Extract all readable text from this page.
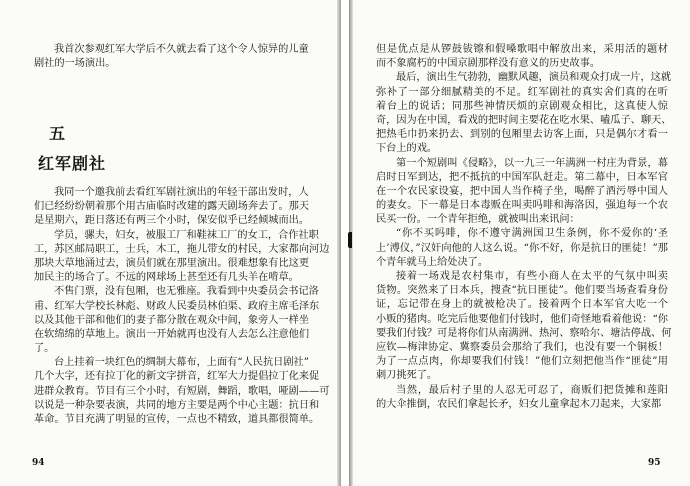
我首次参观红军大学后不久就去看了这个令人惊异的儿童
剧社的一场演出。
五
红军剧社
我同一个邀我前去看红军剧社演出的年轻干部出发时，人
们已经纷纷朝着那个用古庙临时改建的露天剧场奔去了。那天
是星期六，距日落还有两三个小时，保安似乎已经倾城而出。
学员，骡夫，妇女，被服工厂和鞋袜工厂的女工，合作社职
工，苏区邮局职工，士兵，木工，拖儿带女的村民，大家都向河边
那块大草地涌过去，演员们就在那里演出。很难想象有比这更
加民主的场合了。不远的网球场上甚至还有几头羊在啃草。
不售门票，没有包厢，也无雅座。我看到中央委员会书记洛
甫、红军大学校长林彪、财政人民委员林伯渠、政府主席毛泽东
以及其他干部和他们的妻子都分散在观众中间，象旁人一样坐
在软绵绵的草地上。演出一开始就再也没有人去怎么注意他们
了。
台上挂着一块红色的绸制大幕布，上面有“人民抗日剧社”
几个大字，还有拉丁化的新文字拼音，红军大力提倡拉丁化来促
进群众教育。节目有三个小时，有短剧，舞蹈，歌唱，哑剧——可
以说是一种杂要表演，共同的地方主要是两个中心主题：抗日和
革命。节目充满了明显的宣传，一点也不精致，道具都很简单。
94
但是优点是从锣鼓钹镲和假嗓歌唱中解放出来，采用活的题材
而不象腐朽的中国京剧那样没有意义的历史故事。
最后，演出生气勃勃，幽默风趣，演员和观众打成一片，这就
弥补了一部分细腻精美的不足。红军剧社的真实舍们真的在听
着台上的说话；同那些神情厌烦的京剧观众相比，这真使人惊
奇，因为在中国，看戏的把时间主要花在吃水果、嗑瓜子、聊天、
把热毛巾扔来扔去、到别的包厢里去访客上面，只是偶尔才看一
下台上的戏。
第一个短剧叫《侵略》，以一九三一年满洲一村庄为背景，幕
启时日军到达，把不抵抗的中国军队赶走。第二幕中，日本军官
在一个农民家设宴，把中国人当作椅子坐，喝醉了酒污辱中国人
的妻女。下一幕是日本毒贩在叫卖吗啡和海洛因，强迫每一个农
民买一份。一个青年拒绝，就被叫出来讯问：
“你不买吗啡，你不遵守满洲国卫生条例，你不爱你的‘圣
上’溥仪，”汉奸向他的人这么说。“你不好，你是抗日的匪徒！”那
个青年就马上给处决了。
接着一场戏是农村集市，有些小商人在太平的气氛中叫卖
货物。突然来了日本兵，搜查“抗日匪徒”。他们要当场查看身份
证，忘记带在身上的就被枪决了。接着两个日本军官大吃一个
小贩的猪肉。吃完后他要他们付钱时，他们奇怪地看着他说：“你
要我们付钱？可是将你们从南满洲、热河、察哈尔、塘沽停战、何
应钦—梅津协定、冀察委员会那给了我们，也没有要一个铜板！
为了一点点肉，你却要我们付钱！”他们立刻把他当作“匪徒”用
刺刀挑死了。
当然，最后村子里的人忍无可忍了，商贩们把货摊和莲阳
的大伞推倒，农民们拿起长矛，妇女儿童拿起木刀起来，大家都
95
